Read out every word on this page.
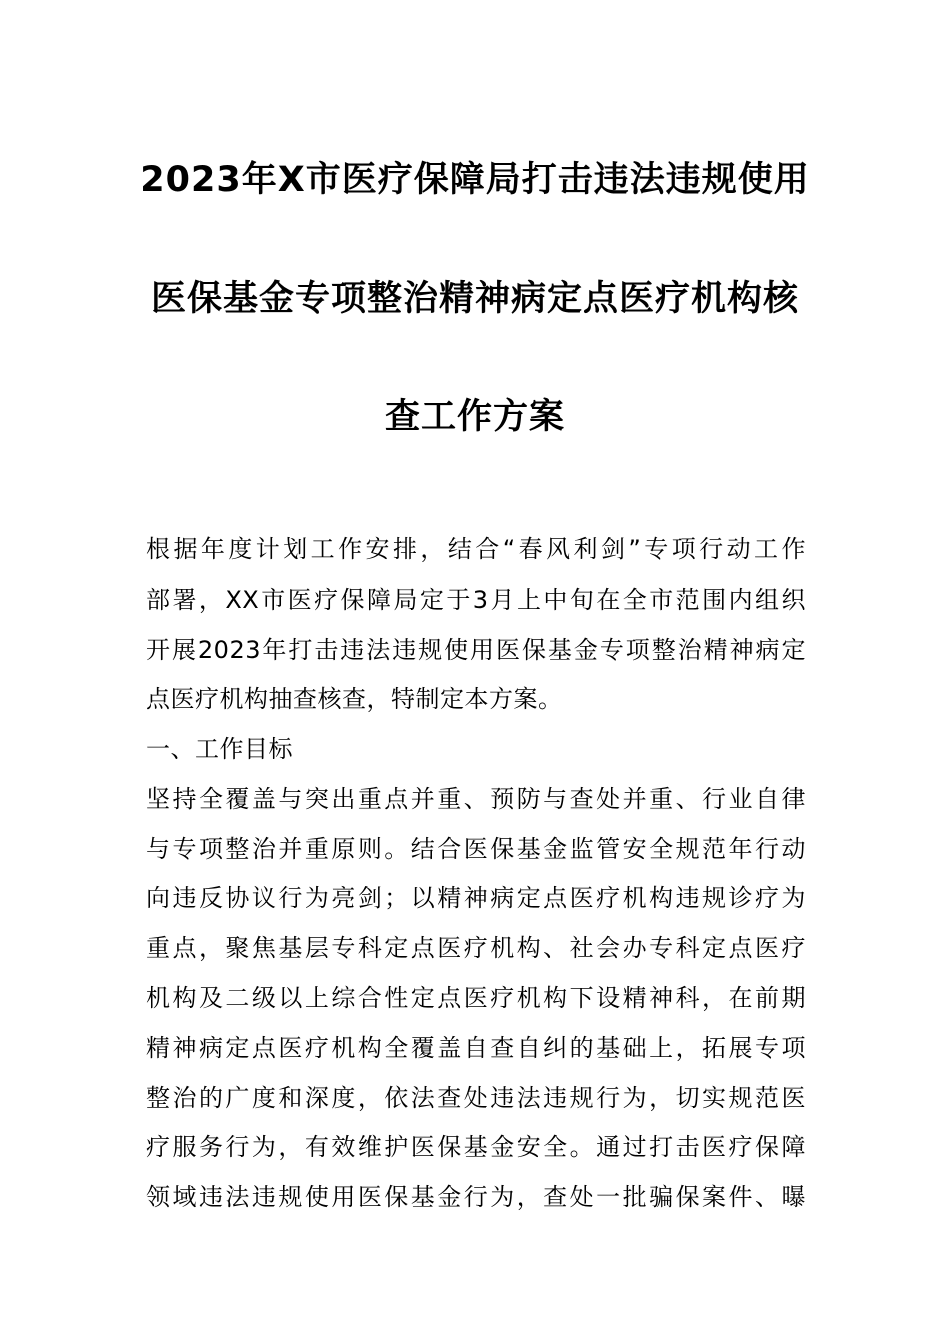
2023年X市医疗保障局打击违法违规使用
医保基金专项整治精神病定点医疗机构核
查工作方案
根据年度计划工作安排，结合“春风利剑”专项行动工作
部署，XX市医疗保障局定于3月上中旬在全市范围内组织
开展2023年打击违法违规使用医保基金专项整治精神病定
点医疗机构抽查核查，特制定本方案。
一、工作目标
坚持全覆盖与突出重点并重、预防与查处并重、行业自律
与专项整治并重原则。结合医保基金监管安全规范年行动
向违反协议行为亮剑；以精神病定点医疗机构违规诊疗为
重点，聚焦基层专科定点医疗机构、社会办专科定点医疗
机构及二级以上综合性定点医疗机构下设精神科，在前期
精神病定点医疗机构全覆盖自查自纠的基础上，拓展专项
整治的广度和深度，依法查处违法违规行为，切实规范医
疗服务行为，有效维护医保基金安全。通过打击医疗保障
领域违法违规使用医保基金行为，查处一批骗保案件、曝
